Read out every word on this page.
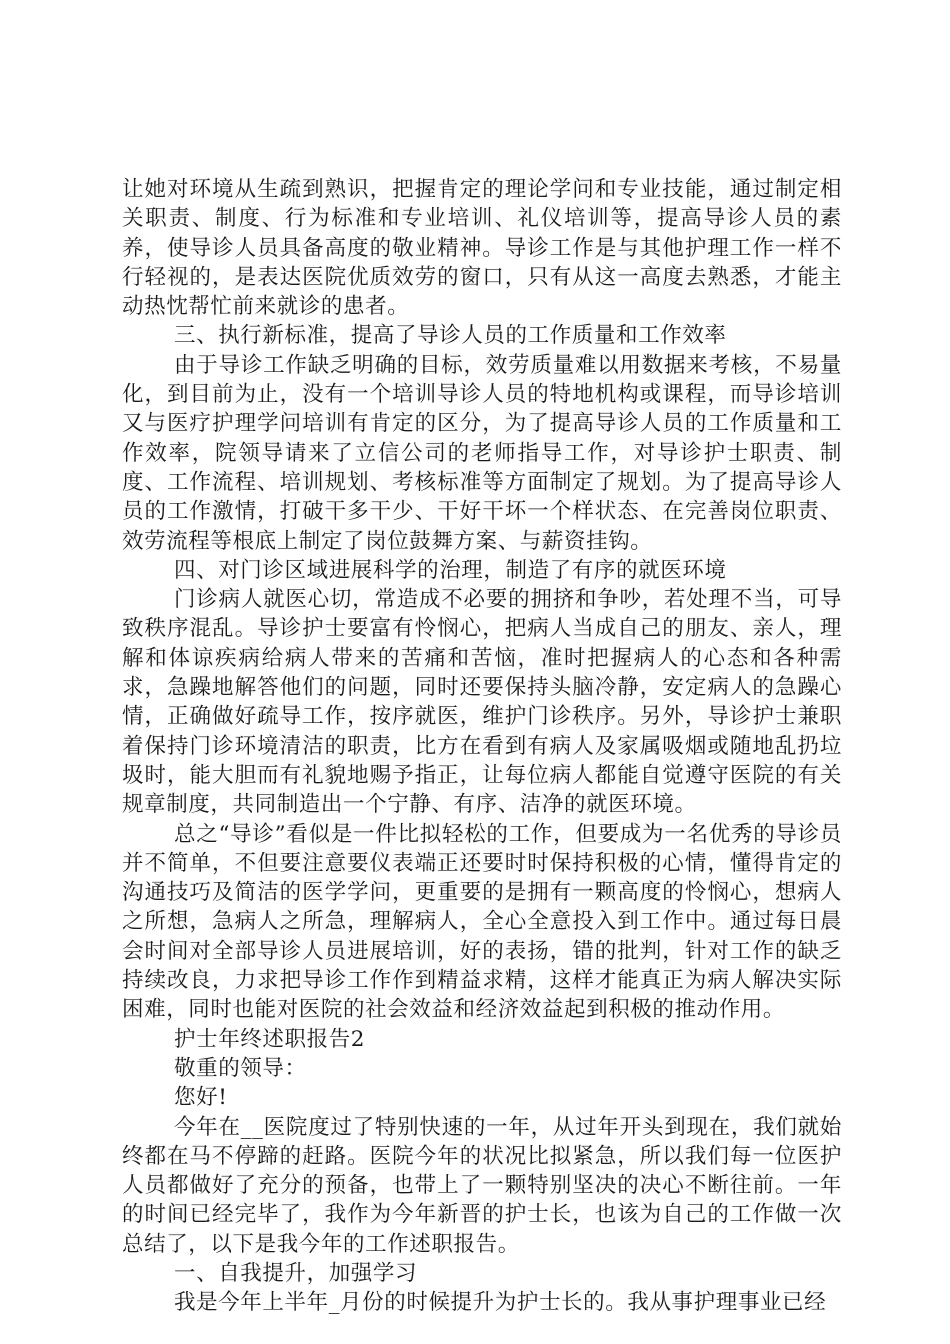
让她对环境从生疏到熟识，把握肯定的理论学问和专业技能，通过制定相关职责、制度、行为标准和专业培训、礼仪培训等，提高导诊人员的素养，使导诊人员具备高度的敬业精神。导诊工作是与其他护理工作一样不行轻视的，是表达医院优质效劳的窗口，只有从这一高度去熟悉，才能主动热忱帮忙前来就诊的患者。

三、执行新标准，提高了导诊人员的工作质量和工作效率

由于导诊工作缺乏明确的目标，效劳质量难以用数据来考核，不易量化，到目前为止，没有一个培训导诊人员的特地机构或课程，而导诊培训又与医疗护理学问培训有肯定的区分，为了提高导诊人员的工作质量和工作效率，院领导请来了立信公司的老师指导工作，对导诊护士职责、制度、工作流程、培训规划、考核标准等方面制定了规划。为了提高导诊人员的工作激情，打破干多干少、干好干坏一个样状态、在完善岗位职责、效劳流程等根底上制定了岗位鼓舞方案、与薪资挂钩。

四、对门诊区域进展科学的治理，制造了有序的就医环境

门诊病人就医心切，常造成不必要的拥挤和争吵，若处理不当，可导致秩序混乱。导诊护士要富有怜悯心，把病人当成自己的朋友、亲人，理解和体谅疾病给病人带来的苦痛和苦恼，准时把握病人的心态和各种需求，急躁地解答他们的问题，同时还要保持头脑冷静，安定病人的急躁心情，正确做好疏导工作，按序就医，维护门诊秩序。另外，导诊护士兼职着保持门诊环境清洁的职责，比方在看到有病人及家属吸烟或随地乱扔垃圾时，能大胆而有礼貌地赐予指正，让每位病人都能自觉遵守医院的有关规章制度，共同制造出一个宁静、有序、洁净的就医环境。

总之“导诊”看似是一件比拟轻松的工作，但要成为一名优秀的导诊员并不简单，不但要注意要仪表端正还要时时保持积极的心情，懂得肯定的沟通技巧及简洁的医学学问，更重要的是拥有一颗高度的怜悯心，想病人之所想，急病人之所急，理解病人，全心全意投入到工作中。通过每日晨会时间对全部导诊人员进展培训，好的表扬，错的批判，针对工作的缺乏持续改良，力求把导诊工作作到精益求精，这样才能真正为病人解决实际困难，同时也能对医院的社会效益和经济效益起到积极的推动作用。

护士年终述职报告2

敬重的领导：

您好!

今年在__医院度过了特别快速的一年，从过年开头到现在，我们就始终都在马不停蹄的赶路。医院今年的状况比拟紧急，所以我们每一位医护人员都做好了充分的预备，也带上了一颗特别坚决的决心不断往前。一年的时间已经完毕了，我作为今年新晋的护士长，也该为自己的工作做一次总结了，以下是我今年的工作述职报告。

一、自我提升，加强学习

我是今年上半年_月份的时候提升为护士长的。我从事护理事业已经
